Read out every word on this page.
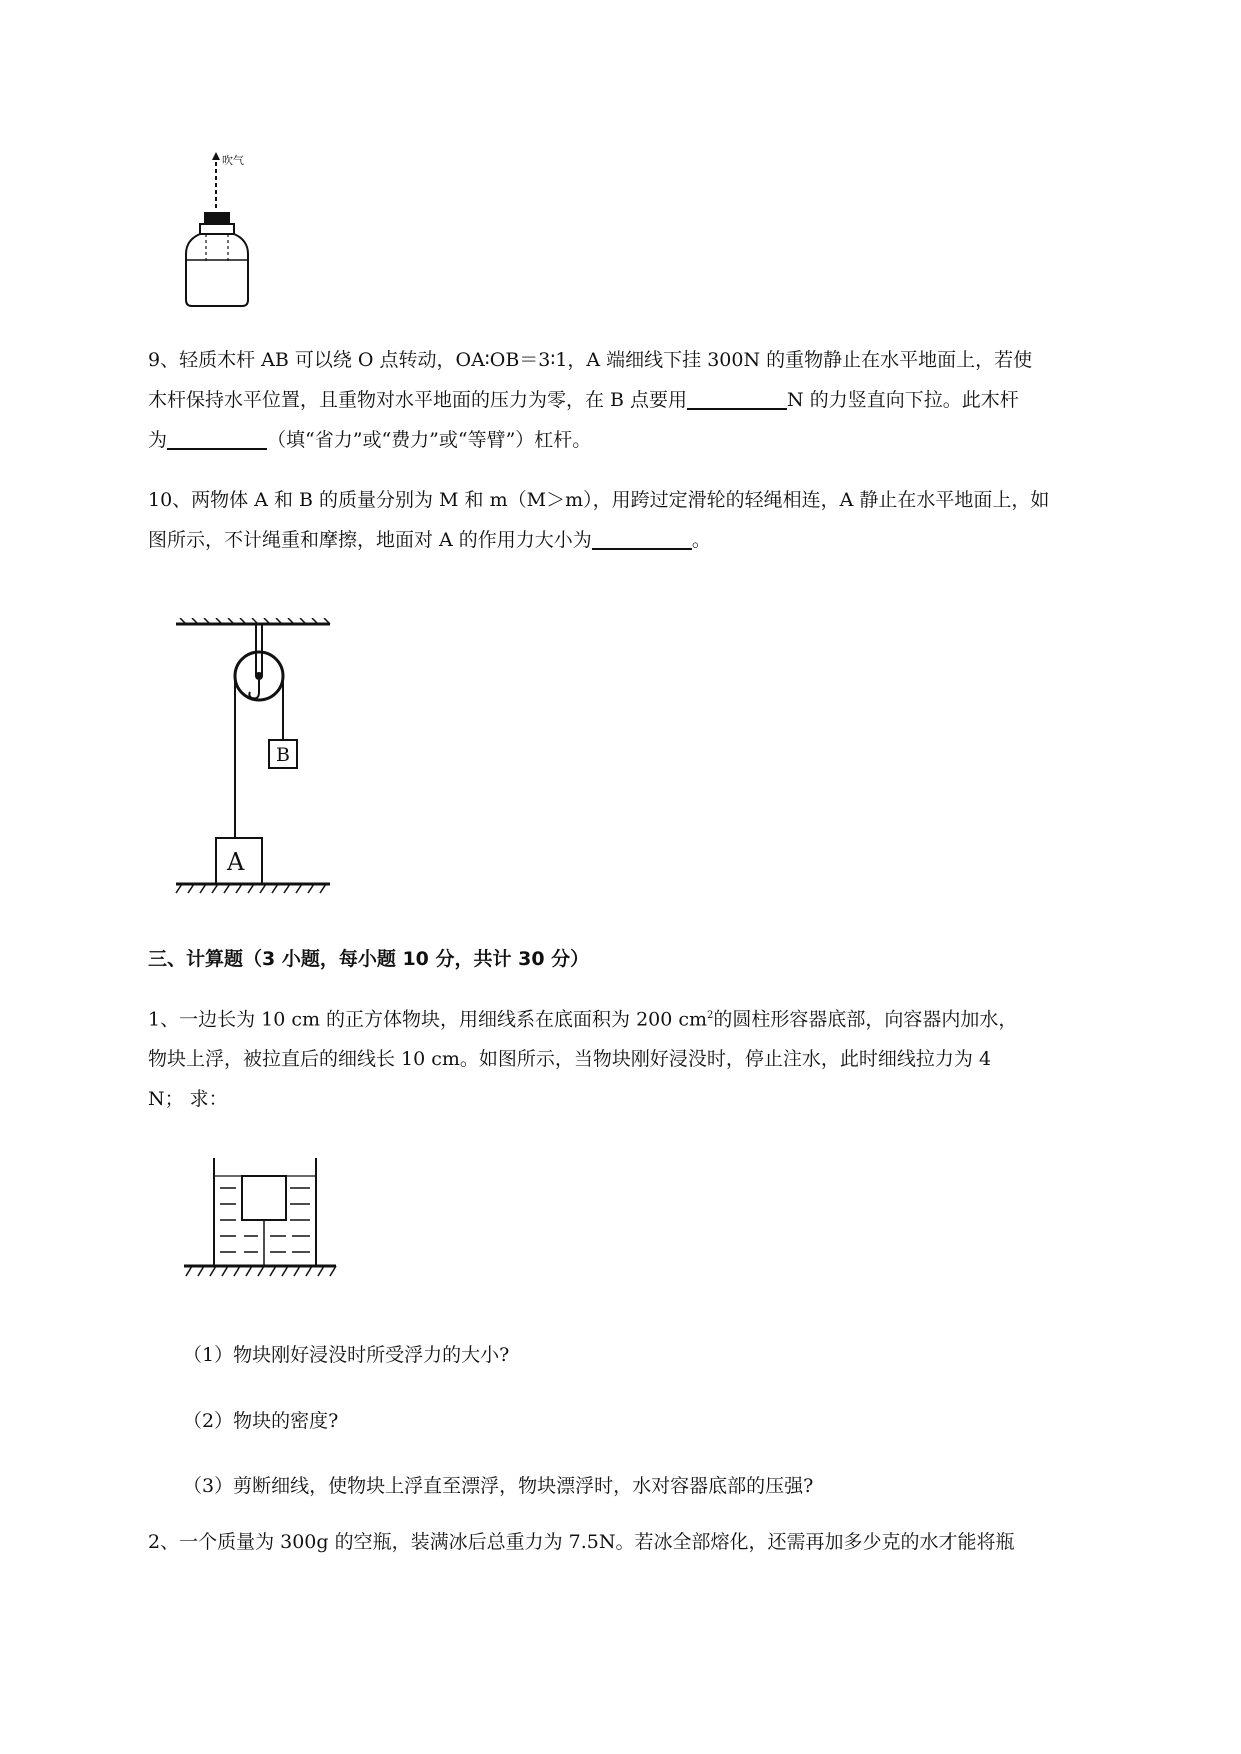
吹气
9、轻质木杆 AB 可以绕 O 点转动，OA∶OB＝3∶1，A 端细线下挂 300N 的重物静止在水平地面上，若使
木杆保持水平位置，且重物对水平地面的压力为零，在 B 点要用	N 的力竖直向下拉。此木杆
为	（填“省力”或“费力”或“等臂”）杠杆。
10、两物体 A 和 B 的质量分别为 M 和 m（M＞m），用跨过定滑轮的轻绳相连，A 静止在水平地面上，如
图所示，不计绳重和摩擦，地面对 A 的作用力大小为	。
B
A
三、计算题（3 小题，每小题 10 分，共计 30 分）
1、一边长为 10 cm 的正方体物块，用细线系在底面积为 200 $cm^2$的圆柱形容器底部，向容器内加水，
物块上浮，被拉直后的细线长 10 cm。如图所示，当物块刚好浸没时，停止注水，此时细线拉力为 4
N； 求：
（1）物块刚好浸没时所受浮力的大小?
（2）物块的密度?
（3）剪断细线，使物块上浮直至漂浮，物块漂浮时，水对容器底部的压强?
2、一个质量为 300g 的空瓶，装满冰后总重力为 7.5N。若冰全部熔化，还需再加多少克的水才能将瓶
